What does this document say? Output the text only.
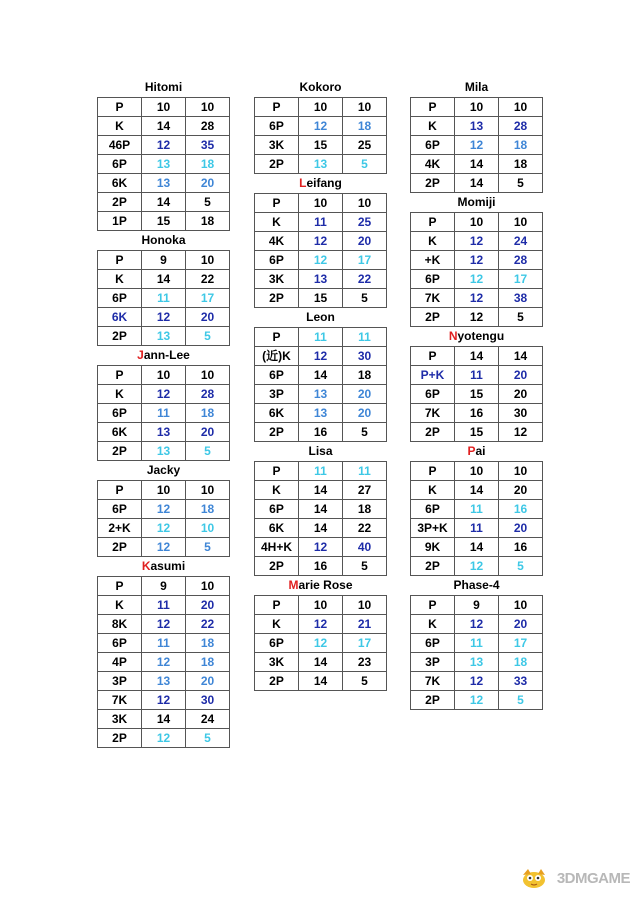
Hitomi
P	10	10
K	14	28
46P	12	35
6P	13	18
6K	13	20
2P	14	5
1P	15	18
Honoka
P	9	10
K	14	22
6P	11	17
6K	12	20
2P	13	5
Jann-Lee
P	10	10
K	12	28
6P	11	18
6K	13	20
2P	13	5
Jacky
P	10	10
6P	12	18
2+K	12	10
2P	12	5
Kasumi
P	9	10
K	11	20
8K	12	22
6P	11	18
4P	12	18
3P	13	20
7K	12	30
3K	14	24
2P	12	5
Kokoro
P	10	10
6P	12	18
3K	15	25
2P	13	5
Leifang
P	10	10
K	11	25
4K	12	20
6P	12	17
3K	13	22
2P	15	5
Leon
P	11	11
(近)K	12	30
6P	14	18
3P	13	20
6K	13	20
2P	16	5
Lisa
P	11	11
K	14	27
6P	14	18
6K	14	22
4H+K	12	40
2P	16	5
Marie Rose
P	10	10
K	12	21
6P	12	17
3K	14	23
2P	14	5
Mila
P	10	10
K	13	28
6P	12	18
4K	14	18
2P	14	5
Momiji
P	10	10
K	12	24
+K	12	28
6P	12	17
7K	12	38
2P	12	5
Nyotengu
P	14	14
P+K	11	20
6P	15	20
7K	16	30
2P	15	12
Pai
P	10	10
K	14	20
6P	11	16
3P+K	11	20
9K	14	16
2P	12	5
Phase-4
P	9	10
K	12	20
6P	11	17
3P	13	18
7K	12	33
2P	12	5
3DMGAME
